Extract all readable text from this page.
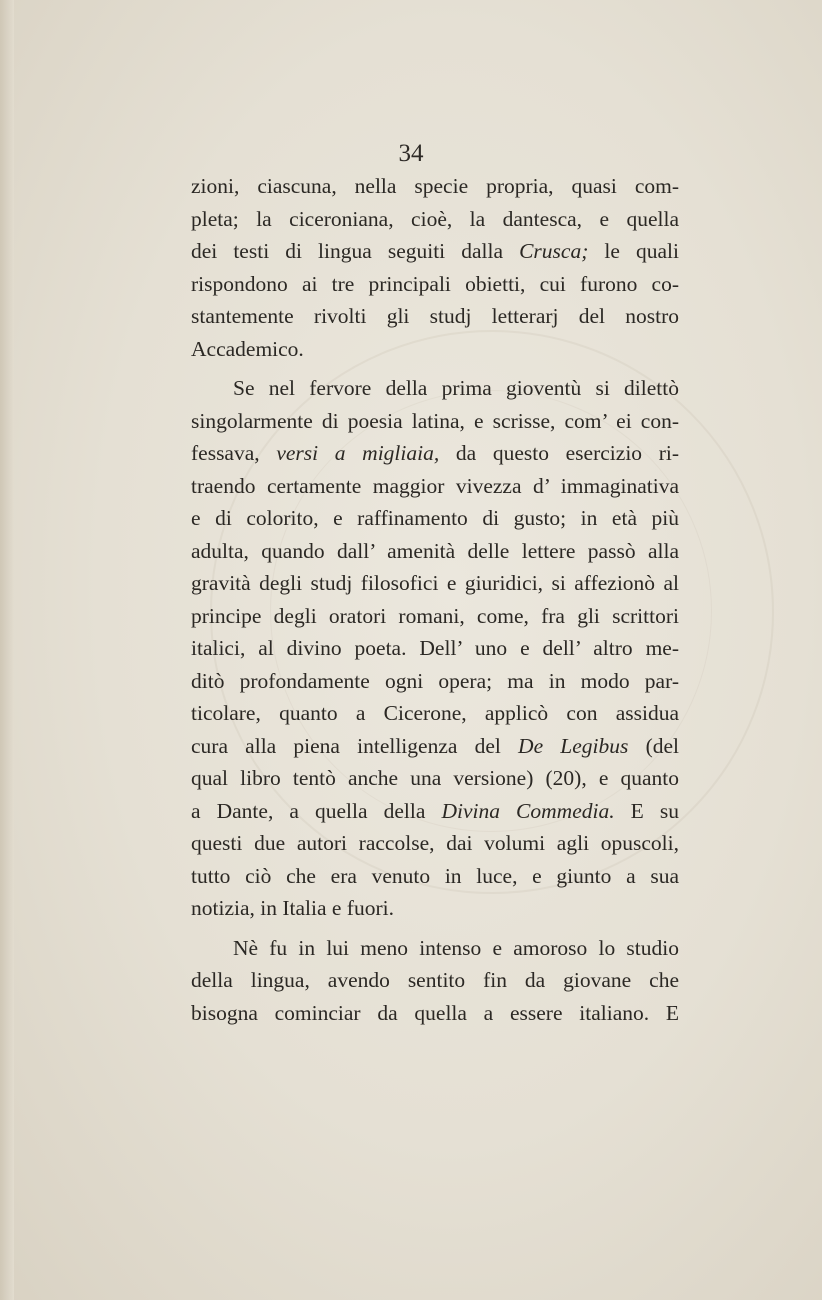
34
zioni, ciascuna, nella specie propria, quasi com-
pleta; la ciceroniana, cioè, la dantesca, e quella
dei testi di lingua seguiti dalla Crusca; le quali
rispondono ai tre principali obietti, cui furono co-
stantemente rivolti gli studj letterarj del nostro
Accademico.
Se nel fervore della prima gioventù si dilettò
singolarmente di poesia latina, e scrisse, com’ ei con-
fessava, versi a migliaia, da questo esercizio ri-
traendo certamente maggior vivezza d’ immaginativa
e di colorito, e raffinamento di gusto; in età più
adulta, quando dall’ amenità delle lettere passò alla
gravità degli studj filosofici e giuridici, si affezionò al
principe degli oratori romani, come, fra gli scrittori
italici, al divino poeta. Dell’ uno e dell’ altro me-
ditò profondamente ogni opera; ma in modo par-
ticolare, quanto a Cicerone, applicò con assidua
cura alla piena intelligenza del De Legibus (del
qual libro tentò anche una versione) (20), e quanto
a Dante, a quella della Divina Commedia. E su
questi due autori raccolse, dai volumi agli opuscoli,
tutto ciò che era venuto in luce, e giunto a sua
notizia, in Italia e fuori.
Nè fu in lui meno intenso e amoroso lo studio
della lingua, avendo sentito fin da giovane che
bisogna cominciar da quella a essere italiano. E
